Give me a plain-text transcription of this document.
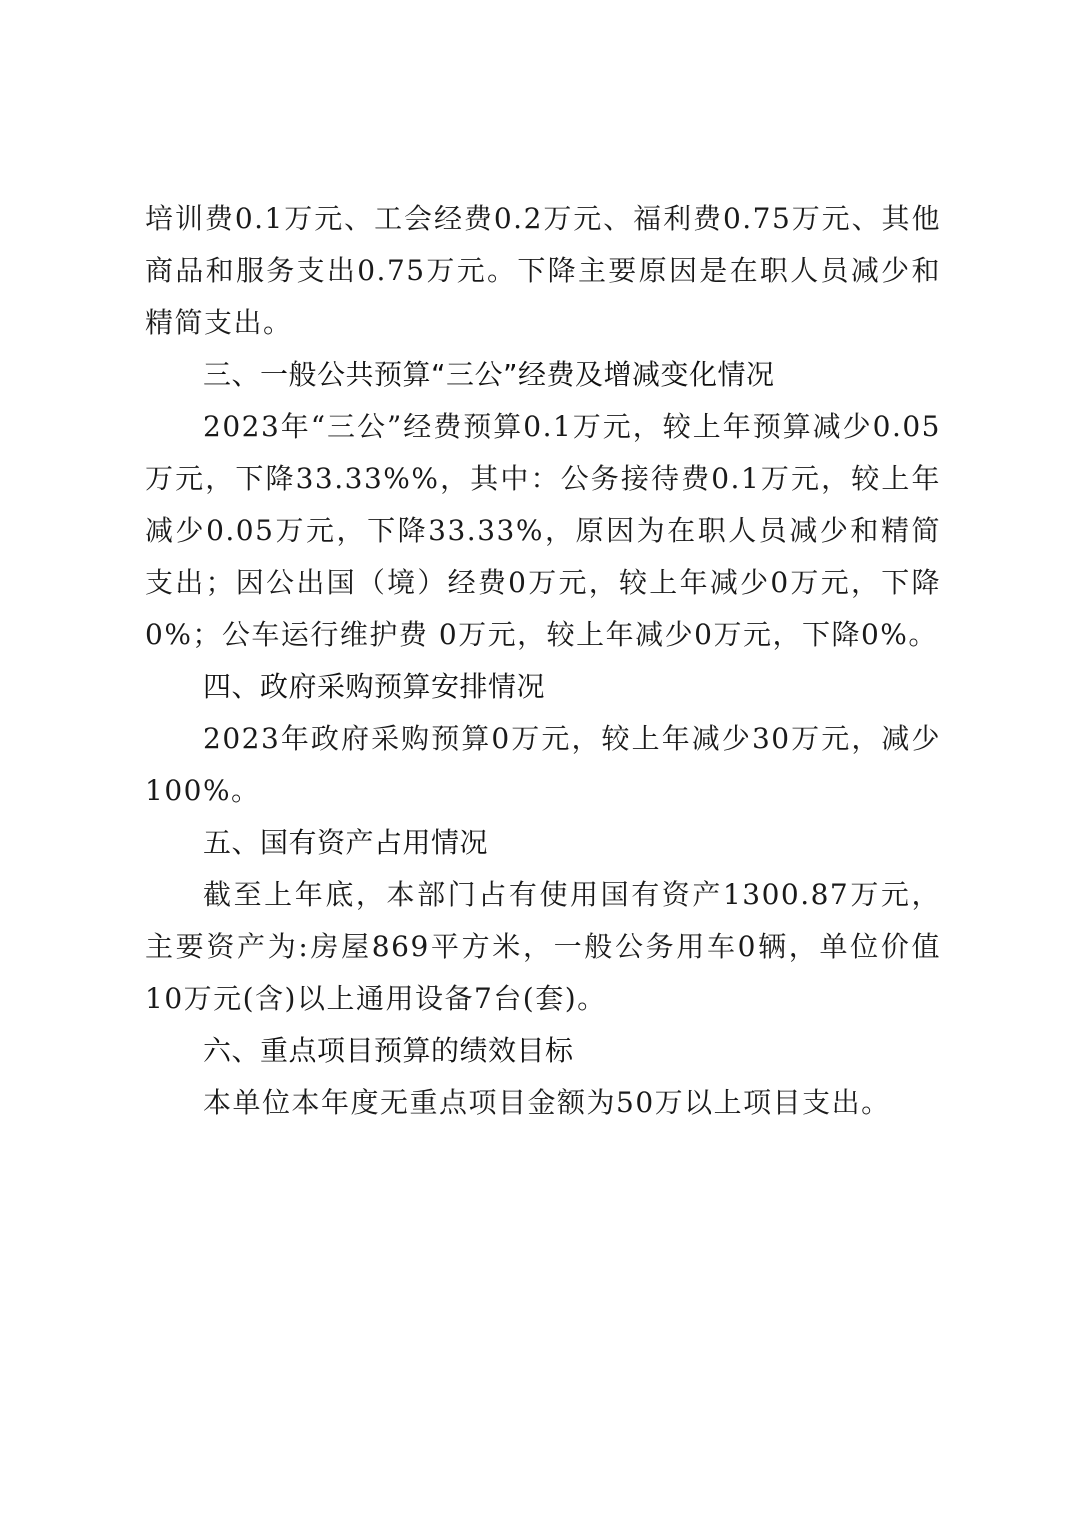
培训费0.1万元、工会经费0.2万元、福利费0.75万元、其他商品和服务支出0.75万元。下降主要原因是在职人员减少和精简支出。

三、一般公共预算“三公”经费及增减变化情况

2023年“三公”经费预算0.1万元，较上年预算减少0.05万元，下降33.33%%，其中：公务接待费0.1万元，较上年减少0.05万元，下降33.33%，原因为在职人员减少和精简支出；因公出国（境）经费0万元，较上年减少0万元，下降0%；公车运行维护费 0万元，较上年减少0万元，下降0%。

四、政府采购预算安排情况

2023年政府采购预算0万元，较上年减少30万元，减少100%。

五、国有资产占用情况

截至上年底，本部门占有使用国有资产1300.87万元，主要资产为:房屋869平方米，一般公务用车0辆，单位价值10万元(含)以上通用设备7台(套)。

六、重点项目预算的绩效目标

本单位本年度无重点项目金额为50万以上项目支出。
